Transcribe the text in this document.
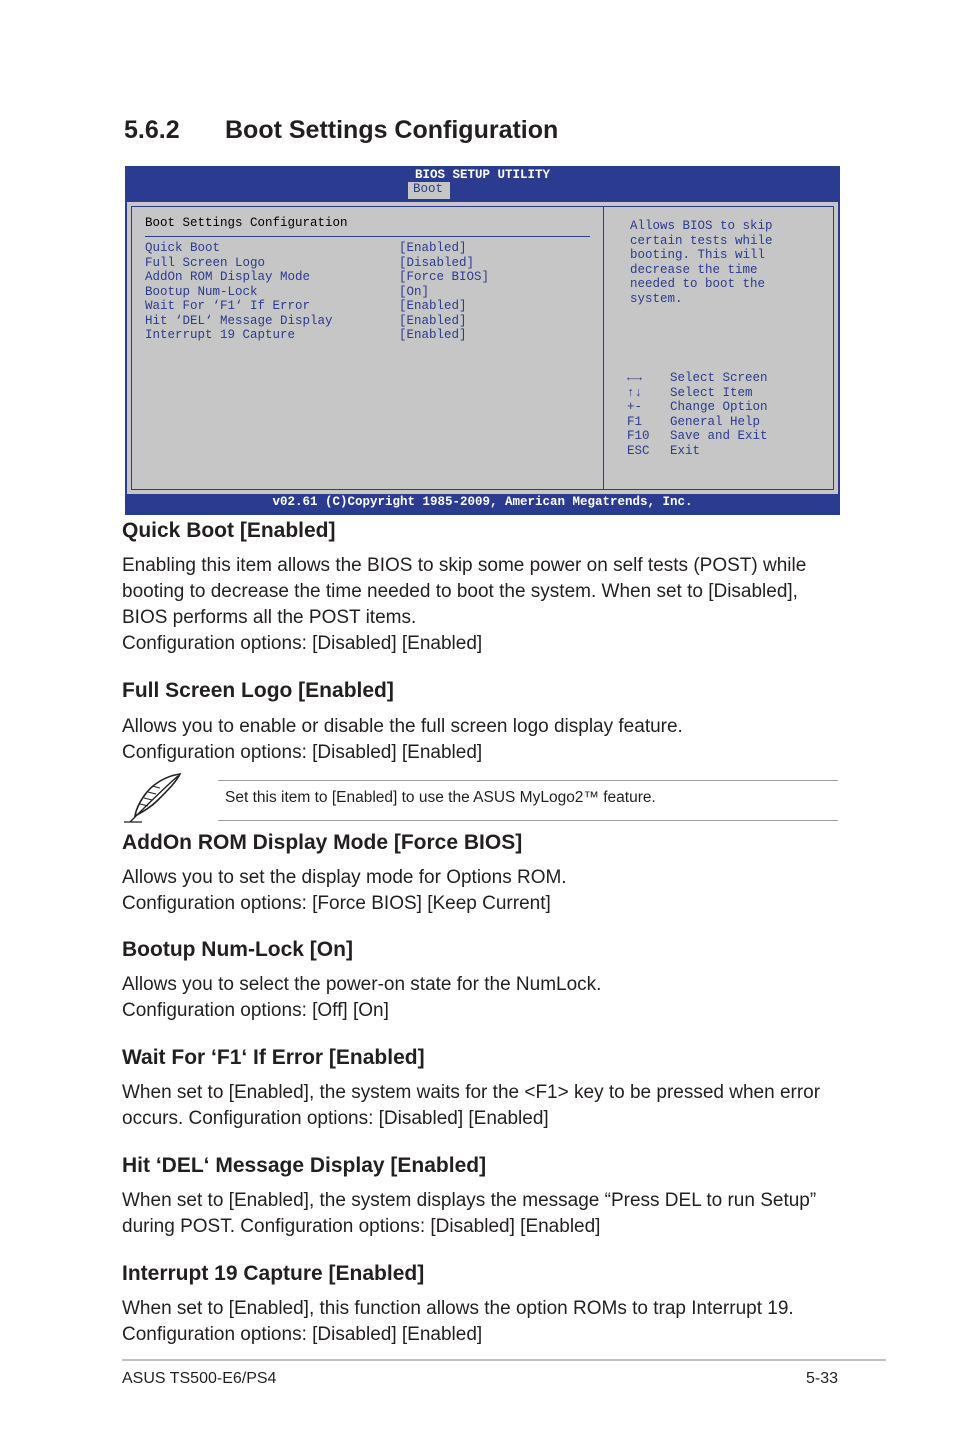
5.6.2 Boot Settings Configuration
BIOS SETUP UTILITY
Boot
Boot Settings Configuration
Quick Boot	[Enabled]
Full Screen Logo	[Disabled]
AddOn ROM Display Mode	[Force BIOS]
Bootup Num-Lock	[On]
Wait For ‘F1‘ If Error	[Enabled]
Hit ‘DEL‘ Message Display	[Enabled]
Interrupt 19 Capture	[Enabled]
Allows BIOS to skip
certain tests while
booting. This will
decrease the time
needed to boot the
system.
←→ Select Screen
↑↓ Select Item
+- Change Option
F1 General Help
F10 Save and Exit
ESC Exit
v02.61 (C)Copyright 1985-2009, American Megatrends, Inc.
Quick Boot [Enabled]
Enabling this item allows the BIOS to skip some power on self tests (POST) while
booting to decrease the time needed to boot the system. When set to [Disabled],
BIOS performs all the POST items.
Configuration options: [Disabled] [Enabled]
Full Screen Logo [Enabled]
Allows you to enable or disable the full screen logo display feature.
Configuration options: [Disabled] [Enabled]
Set this item to [Enabled] to use the ASUS MyLogo2™ feature.
AddOn ROM Display Mode [Force BIOS]
Allows you to set the display mode for Options ROM.
Configuration options: [Force BIOS] [Keep Current]
Bootup Num-Lock [On]
Allows you to select the power-on state for the NumLock.
Configuration options: [Off] [On]
Wait For ‘F1‘ If Error [Enabled]
When set to [Enabled], the system waits for the <F1> key to be pressed when error
occurs. Configuration options: [Disabled] [Enabled]
Hit ‘DEL‘ Message Display [Enabled]
When set to [Enabled], the system displays the message “Press DEL to run Setup”
during POST. Configuration options: [Disabled] [Enabled]
Interrupt 19 Capture [Enabled]
When set to [Enabled], this function allows the option ROMs to trap Interrupt 19.
Configuration options: [Disabled] [Enabled]
ASUS TS500-E6/PS4	5-33
